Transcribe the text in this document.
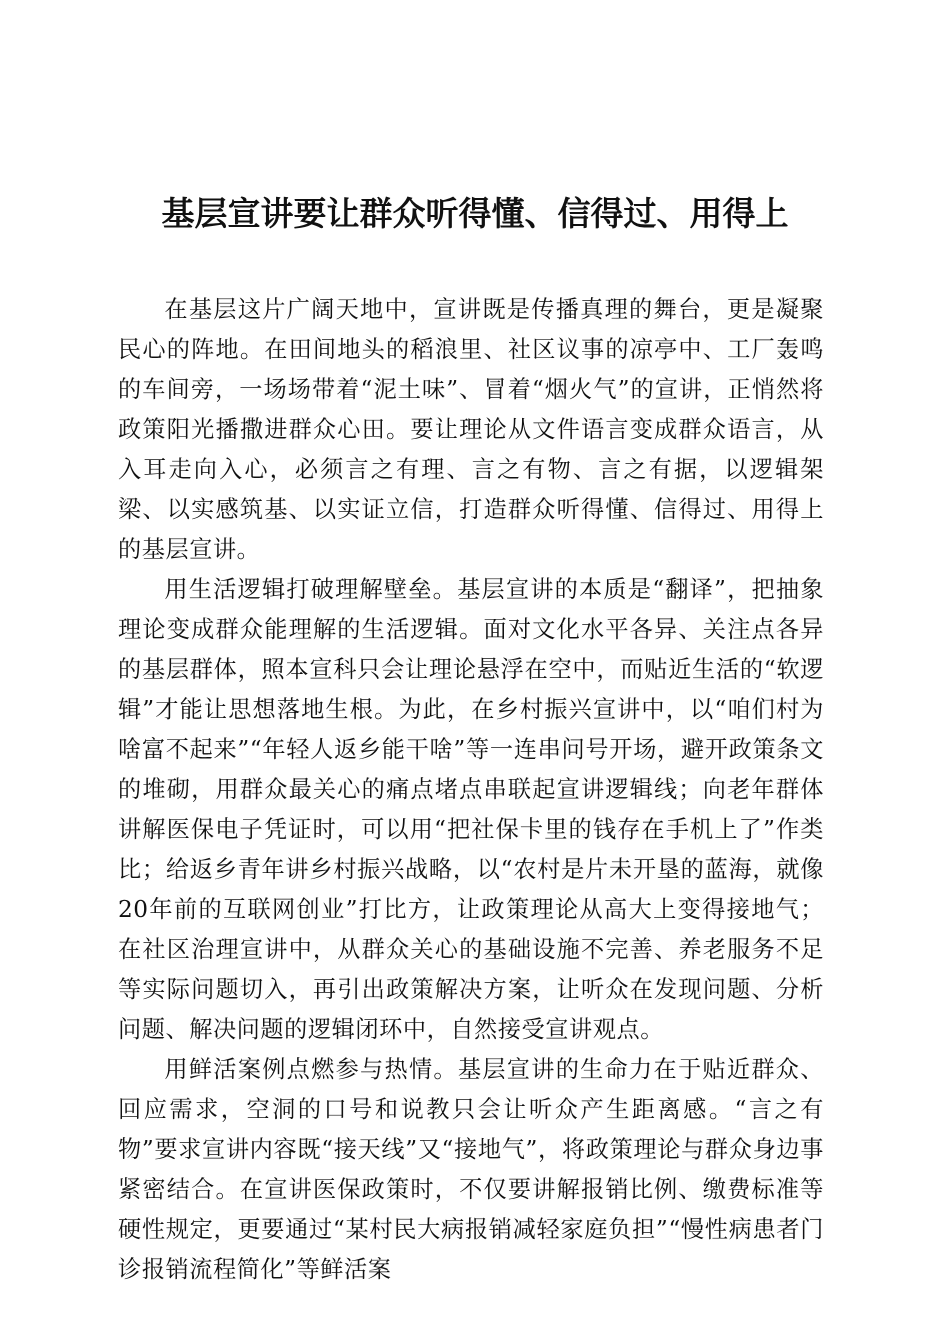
基层宣讲要让群众听得懂、信得过、用得上

在基层这片广阔天地中，宣讲既是传播真理的舞台，更是凝聚民心的阵地。在田间地头的稻浪里、社区议事的凉亭中、工厂轰鸣的车间旁，一场场带着“泥土味”、冒着“烟火气”的宣讲，正悄然将政策阳光播撒进群众心田。要让理论从文件语言变成群众语言，从入耳走向入心，必须言之有理、言之有物、言之有据，以逻辑架梁、以实感筑基、以实证立信，打造群众听得懂、信得过、用得上的基层宣讲。

用生活逻辑打破理解壁垒。基层宣讲的本质是“翻译”，把抽象理论变成群众能理解的生活逻辑。面对文化水平各异、关注点各异的基层群体，照本宣科只会让理论悬浮在空中，而贴近生活的“软逻辑”才能让思想落地生根。为此，在乡村振兴宣讲中，以“咱们村为啥富不起来”“年轻人返乡能干啥”等一连串问号开场，避开政策条文的堆砌，用群众最关心的痛点堵点串联起宣讲逻辑线；向老年群体讲解医保电子凭证时，可以用“把社保卡里的钱存在手机上了”作类比；给返乡青年讲乡村振兴战略，以“农村是片未开垦的蓝海，就像20年前的互联网创业”打比方，让政策理论从高大上变得接地气；在社区治理宣讲中，从群众关心的基础设施不完善、养老服务不足等实际问题切入，再引出政策解决方案，让听众在发现问题、分析问题、解决问题的逻辑闭环中，自然接受宣讲观点。

用鲜活案例点燃参与热情。基层宣讲的生命力在于贴近群众、回应需求，空洞的口号和说教只会让听众产生距离感。“言之有物”要求宣讲内容既“接天线”又“接地气”，将政策理论与群众身边事紧密结合。在宣讲医保政策时，不仅要讲解报销比例、缴费标准等硬性规定，更要通过“某村民大病报销减轻家庭负担”“慢性病患者门诊报销流程简化”等鲜活案
